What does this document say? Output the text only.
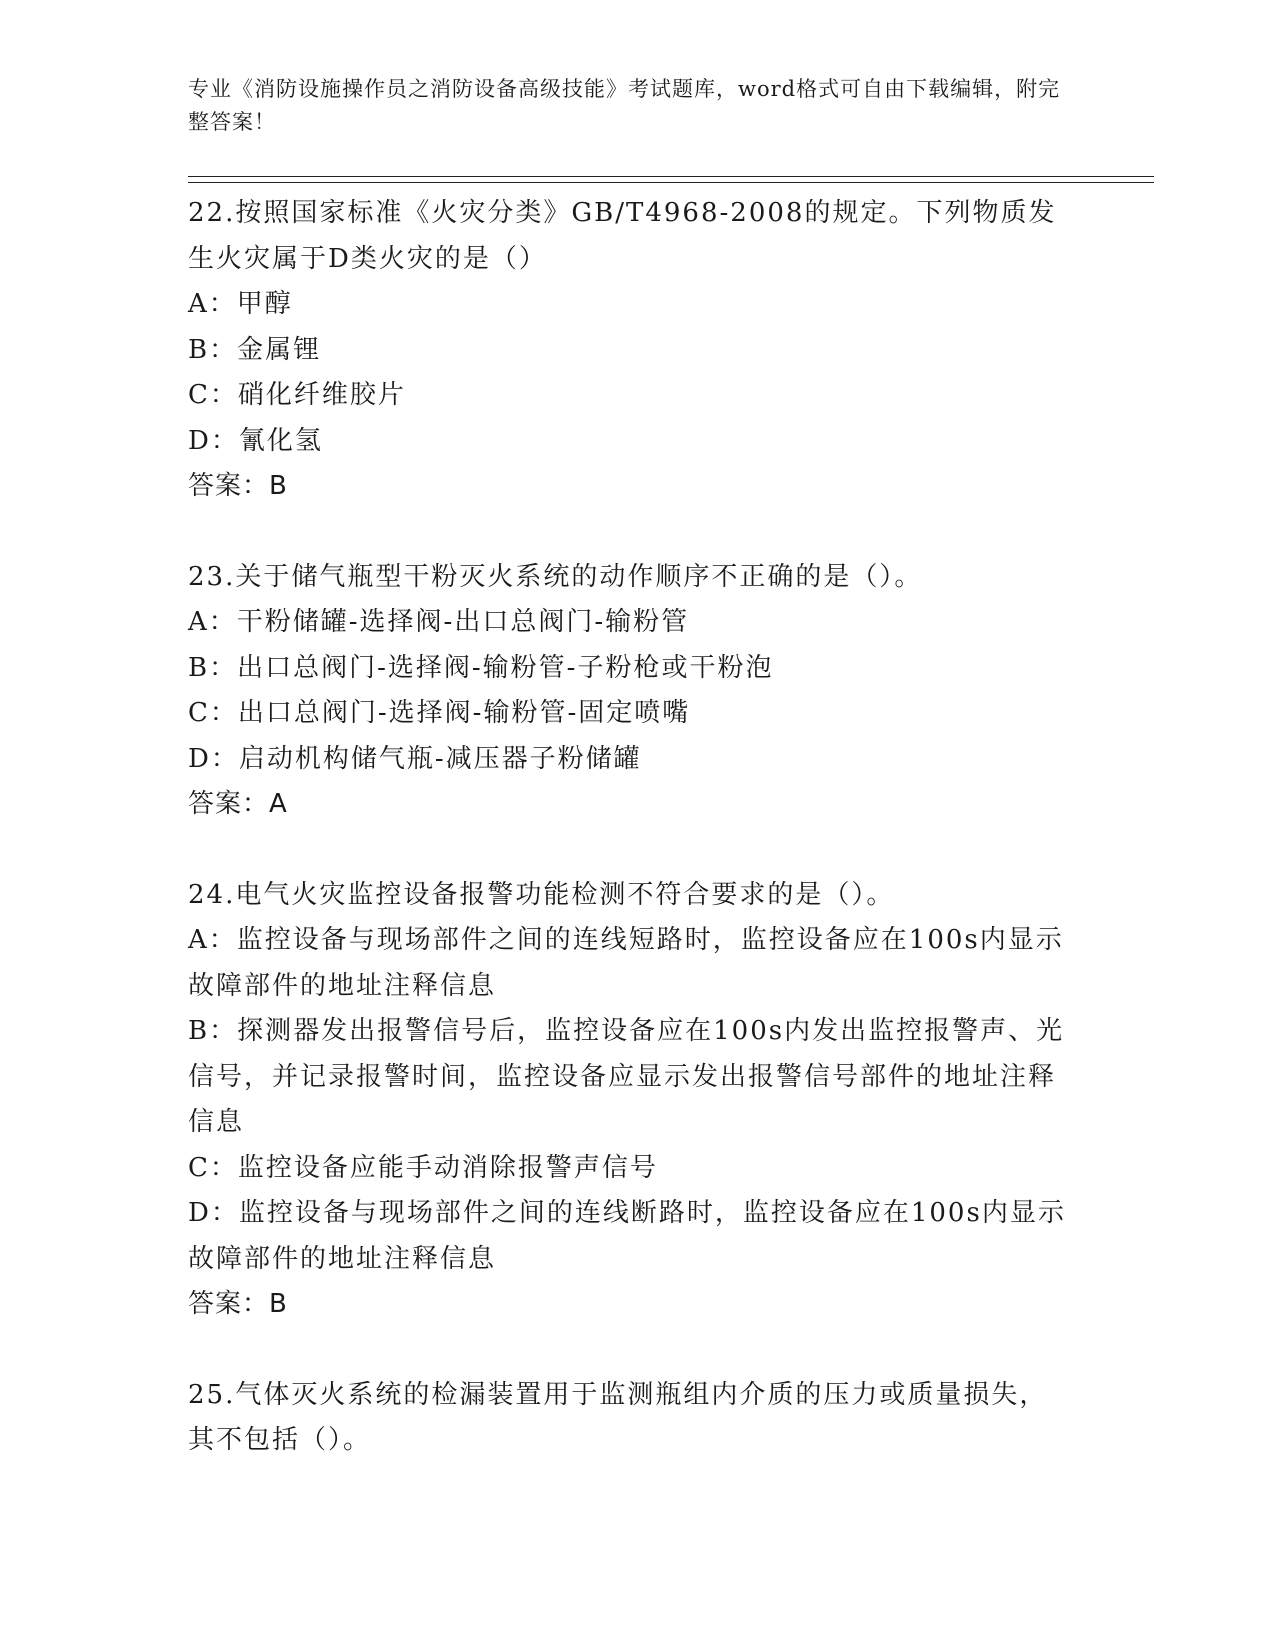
专业《消防设施操作员之消防设备高级技能》考试题库，word格式可自由下载编辑，附完整答案！

22.按照国家标准《火灾分类》GB/T4968-2008的规定。下列物质发生火灾属于D类火灾的是（）

A：甲醇

B：金属锂

C：硝化纤维胶片

D：氰化氢

答案：B

23.关于储气瓶型干粉灭火系统的动作顺序不正确的是（）。

A：干粉储罐-选择阀-出口总阀门-输粉管

B：出口总阀门-选择阀-输粉管-子粉枪或干粉泡

C：出口总阀门-选择阀-输粉管-固定喷嘴

D：启动机构储气瓶-减压器子粉储罐

答案：A

24.电气火灾监控设备报警功能检测不符合要求的是（）。

A：监控设备与现场部件之间的连线短路时，监控设备应在100s内显示故障部件的地址注释信息

B：探测器发出报警信号后，监控设备应在100s内发出监控报警声、光信号，并记录报警时间，监控设备应显示发出报警信号部件的地址注释信息

C：监控设备应能手动消除报警声信号

D：监控设备与现场部件之间的连线断路时，监控设备应在100s内显示故障部件的地址注释信息

答案：B

25.气体灭火系统的检漏装置用于监测瓶组内介质的压力或质量损失，其不包括（）。
